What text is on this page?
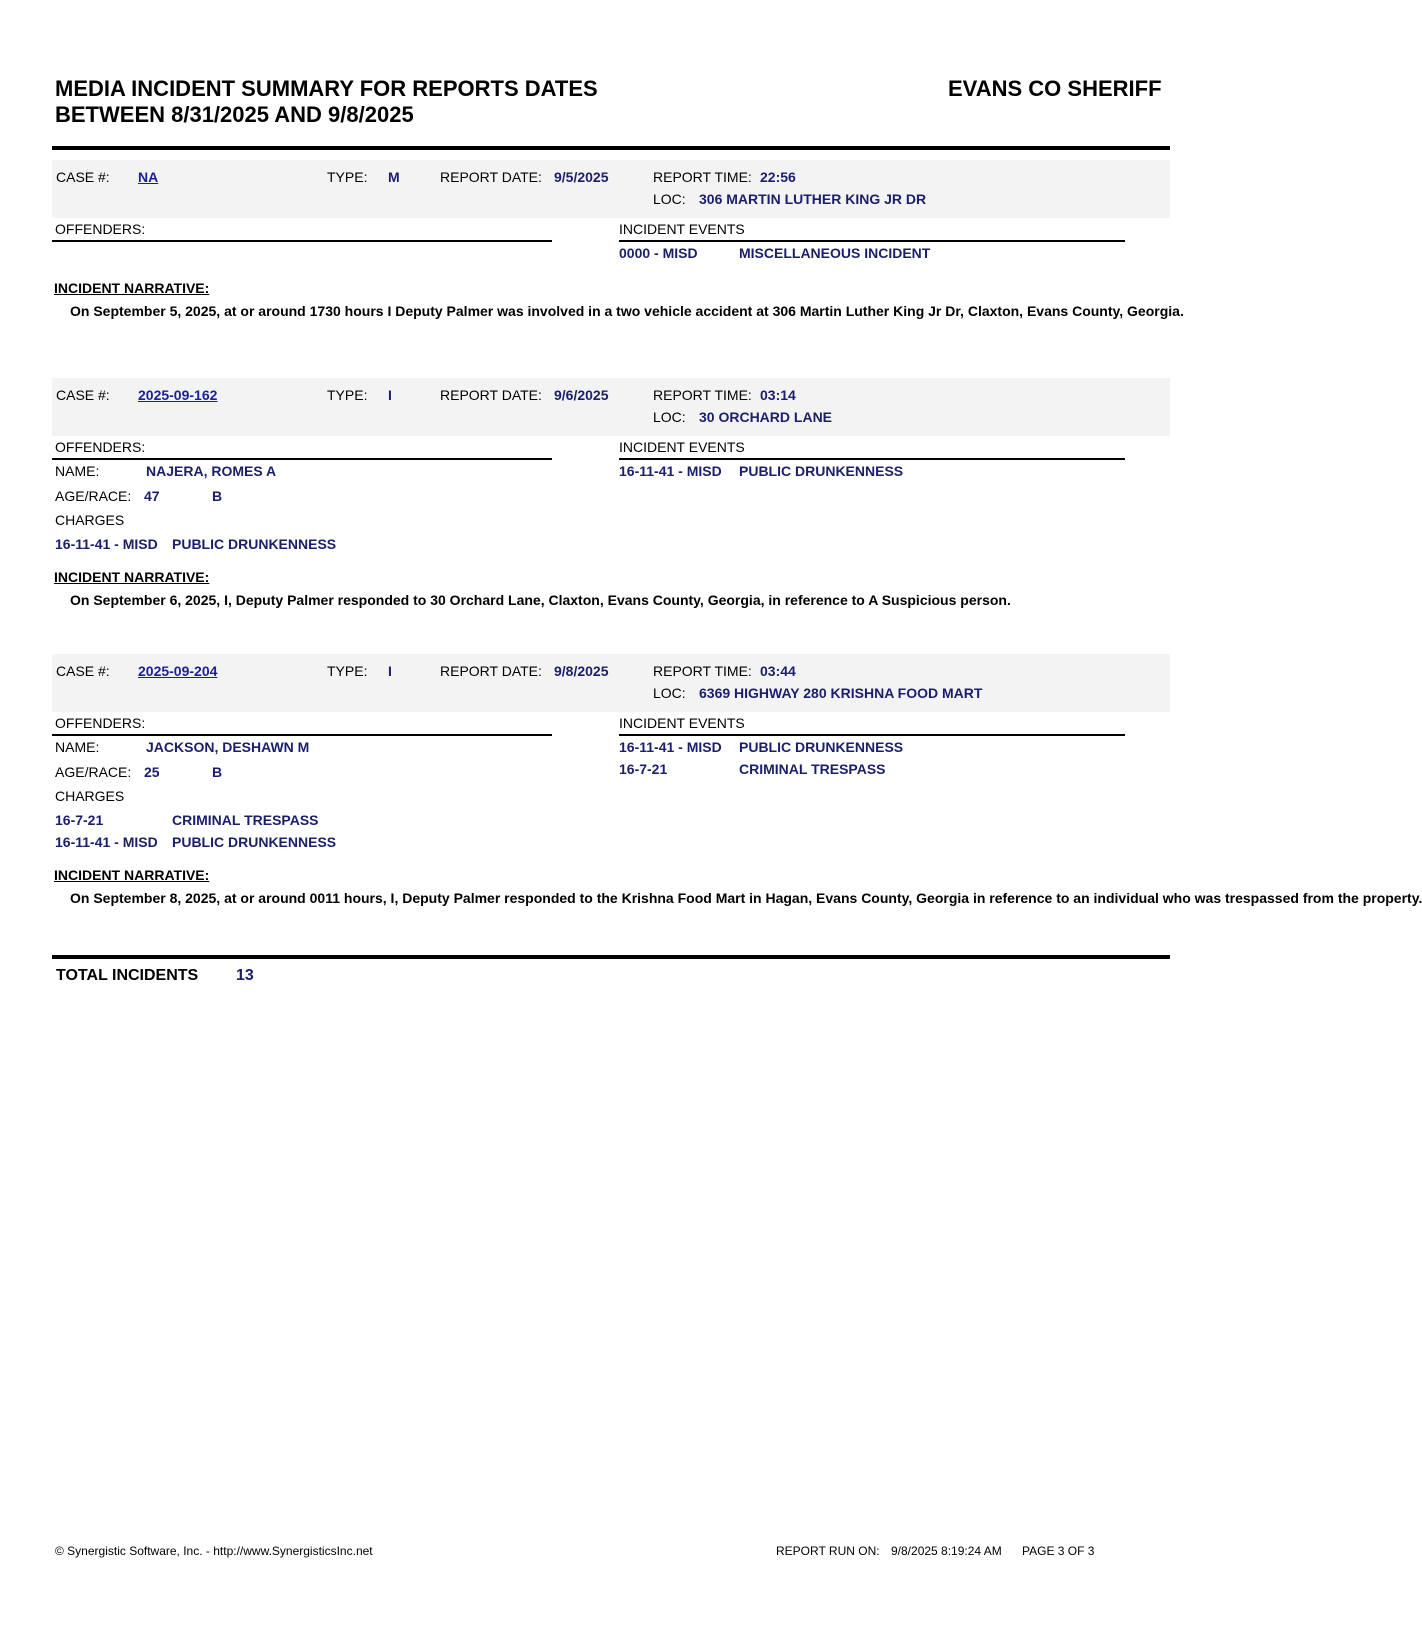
MEDIA INCIDENT SUMMARY FOR REPORTS DATES BETWEEN 8/31/2025 AND 9/8/2025
EVANS CO SHERIFF
CASE #: NA	TYPE: M	REPORT DATE: 9/5/2025	REPORT TIME: 22:56
LOC: 306 MARTIN LUTHER KING JR DR
OFFENDERS:	INCIDENT EVENTS
0000 - MISD	MISCELLANEOUS INCIDENT
INCIDENT NARRATIVE:
On September 5, 2025, at or around 1730 hours I Deputy Palmer was involved in a two vehicle accident at 306 Martin Luther King Jr Dr, Claxton, Evans County, Georgia.
CASE #: 2025-09-162	TYPE: I	REPORT DATE: 9/6/2025	REPORT TIME: 03:14
LOC: 30 ORCHARD LANE
OFFENDERS:
NAME:	NAJERA, ROMES A
AGE/RACE: 47	B
CHARGES
16-11-41 - MISD PUBLIC DRUNKENNESS
INCIDENT EVENTS
16-11-41 - MISD PUBLIC DRUNKENNESS
INCIDENT NARRATIVE:
On September 6, 2025, I, Deputy Palmer responded to 30 Orchard Lane, Claxton, Evans County, Georgia, in reference to A Suspicious person.
CASE #: 2025-09-204	TYPE: I	REPORT DATE: 9/8/2025	REPORT TIME: 03:44
LOC: 6369 HIGHWAY 280 KRISHNA FOOD MART
OFFENDERS:
NAME:	JACKSON, DESHAWN M
AGE/RACE: 25	B
CHARGES
16-7-21	CRIMINAL TRESPASS
16-11-41 - MISD PUBLIC DRUNKENNESS
INCIDENT EVENTS
16-11-41 - MISD PUBLIC DRUNKENNESS
16-7-21	CRIMINAL TRESPASS
INCIDENT NARRATIVE:
On September 8, 2025, at or around 0011 hours, I, Deputy Palmer responded to the Krishna Food Mart in Hagan, Evans County, Georgia in reference to an individual who was trespassed from the property.
TOTAL INCIDENTS 13
© Synergistic Software, Inc. - http://www.SynergisticsInc.net	REPORT RUN ON: 9/8/2025 8:19:24 AM PAGE 3 OF 3
